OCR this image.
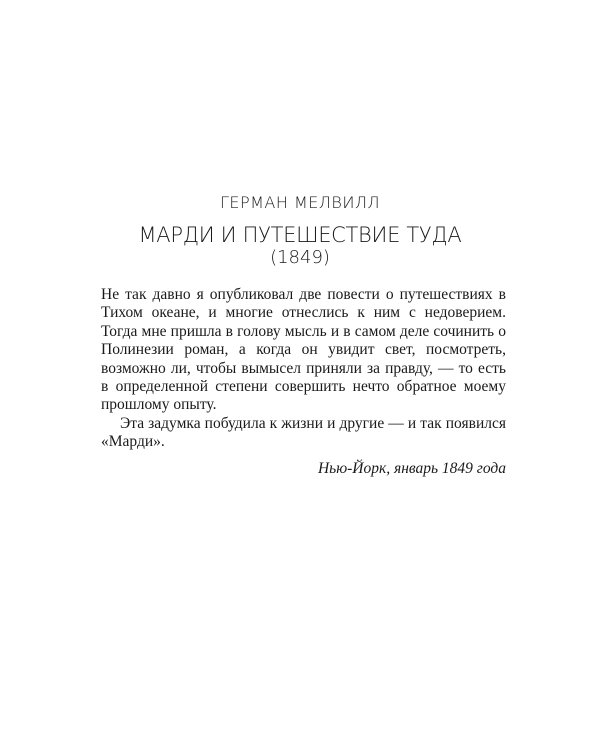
ГЕРМАН МЕЛВИЛЛ
МАРДИ И ПУТЕШЕСТВИЕ ТУДА
(1849)

Не так давно я опубликовал две повести о путешествиях в Тихом океане, и многие отнеслись к ним с недоверием. Тогда мне пришла в голову мысль и в самом деле сочинить о Полинезии роман, а когда он увидит свет, посмотреть, возможно ли, чтобы вымысел приняли за правду, — то есть в определенной степени совершить нечто обратное моему прошлому опыту.

Эта задумка побудила к жизни и другие — и так появился «Марди».

Нью-Йорк, январь 1849 года
